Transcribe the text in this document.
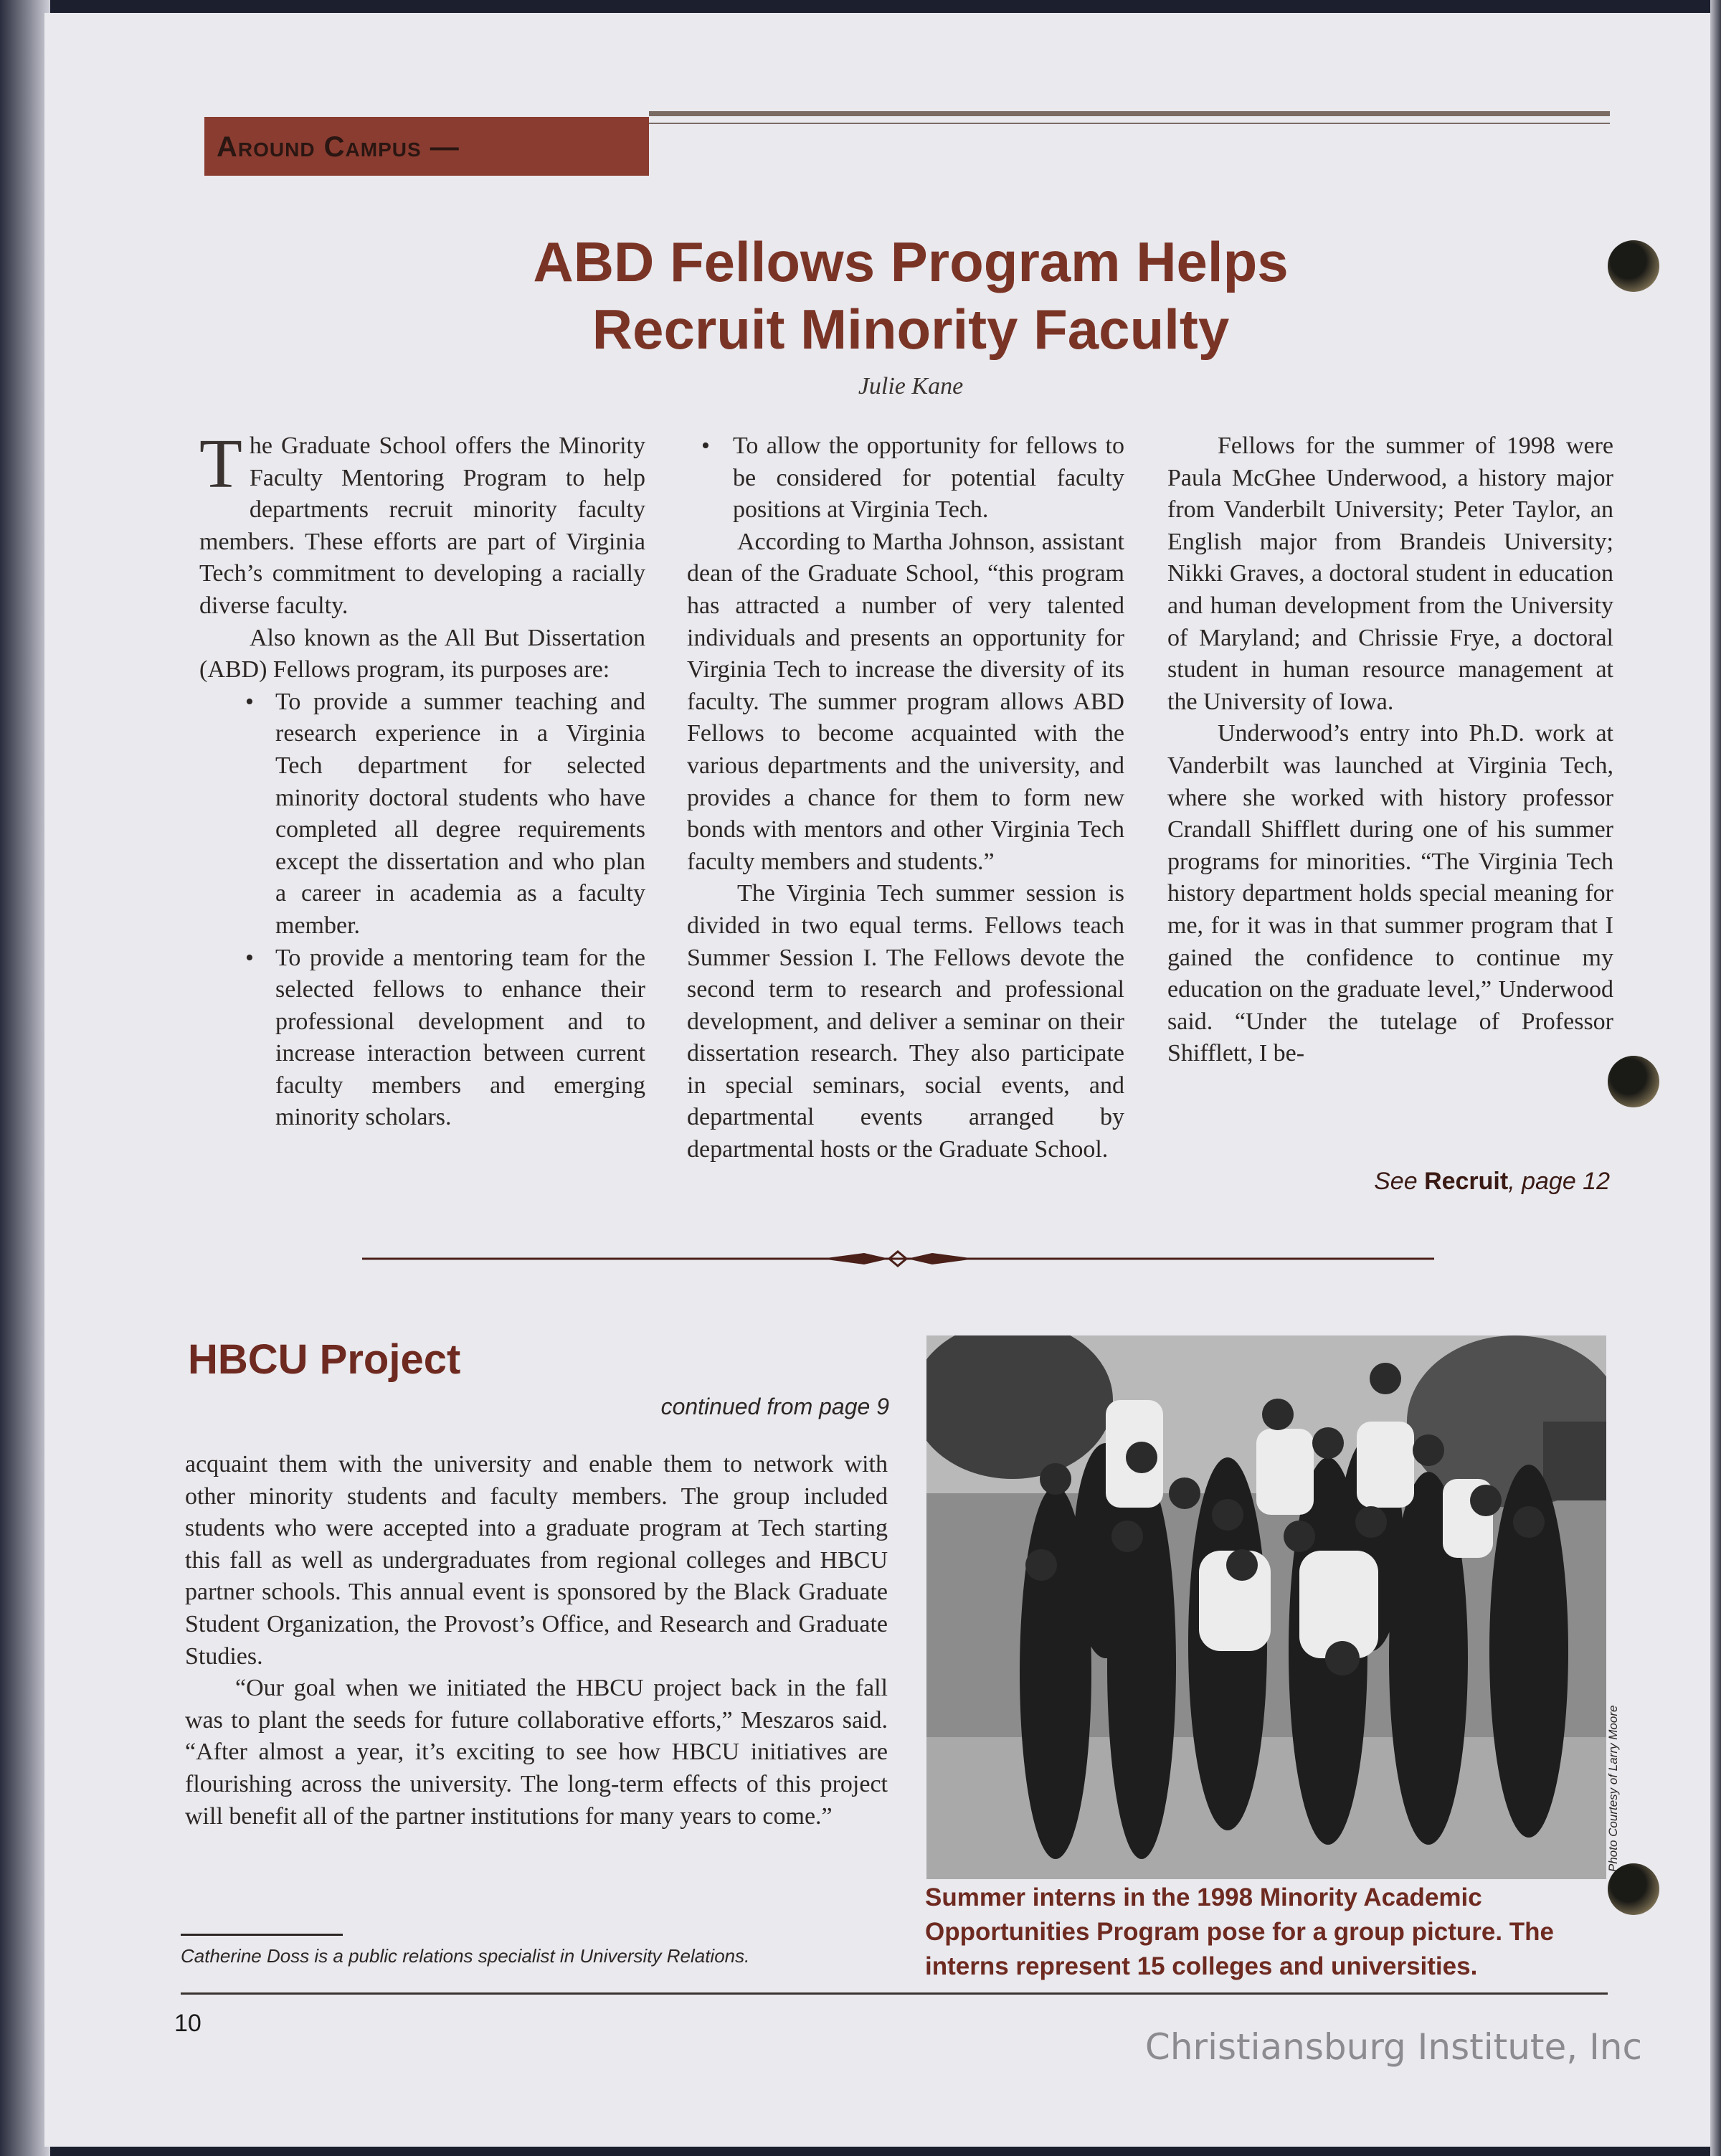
Around Campus —
ABD Fellows Program Helps
Recruit Minority Faculty
Julie Kane

The Graduate School offers the Minority Faculty Mentoring Program to help departments recruit minority faculty members. These efforts are part of Virginia Tech’s commitment to developing a racially diverse faculty.

Also known as the All But Dissertation (ABD) Fellows program, its purposes are:

• To provide a summer teaching and research experience in a Virginia Tech department for selected minority doctoral students who have completed all degree requirements except the dissertation and who plan a career in academia as a faculty member.
• To provide a mentoring team for the selected fellows to enhance their professional development and to increase interaction between current faculty members and emerging minority scholars.
• To allow the opportunity for fellows to be considered for potential faculty positions at Virginia Tech.

According to Martha Johnson, assistant dean of the Graduate School, “this program has attracted a number of very talented individuals and presents an opportunity for Virginia Tech to increase the diversity of its faculty. The summer program allows ABD Fellows to become acquainted with the various departments and the university, and provides a chance for them to form new bonds with mentors and other Virginia Tech faculty members and students.”

The Virginia Tech summer session is divided in two equal terms. Fellows teach Summer Session I. The Fellows devote the second term to research and professional development, and deliver a seminar on their dissertation research. They also participate in special seminars, social events, and departmental events arranged by departmental hosts or the Graduate School.

Fellows for the summer of 1998 were Paula McGhee Underwood, a history major from Vanderbilt University; Peter Taylor, an English major from Brandeis University; Nikki Graves, a doctoral student in education and human development from the University of Maryland; and Chrissie Frye, a doctoral student in human resource management at the University of Iowa.

Underwood’s entry into Ph.D. work at Vanderbilt was launched at Virginia Tech, where she worked with history professor Crandall Shifflett during one of his summer programs for minorities. “The Virginia Tech history department holds special meaning for me, for it was in that summer program that I gained the confidence to continue my education on the graduate level,” Underwood said. “Under the tutelage of Professor Shifflett, I be-

See Recruit, page 12
HBCU Project
continued from page 9

acquaint them with the university and enable them to network with other minority students and faculty members. The group included students who were accepted into a graduate program at Tech starting this fall as well as undergraduates from regional colleges and HBCU partner schools. This annual event is sponsored by the Black Graduate Student Organization, the Provost’s Office, and Research and Graduate Studies.

“Our goal when we initiated the HBCU project back in the fall was to plant the seeds for future collaborative efforts,” Meszaros said. “After almost a year, it’s exciting to see how HBCU initiatives are flourishing across the university. The long-term effects of this project will benefit all of the partner institutions for many years to come.”

Catherine Doss is a public relations specialist in University Relations.
Photo Courtesy of Larry Moore
Summer interns in the 1998 Minority Academic Opportunities Program pose for a group picture. The interns represent 15 colleges and universities.
10
Christiansburg Institute, Inc
